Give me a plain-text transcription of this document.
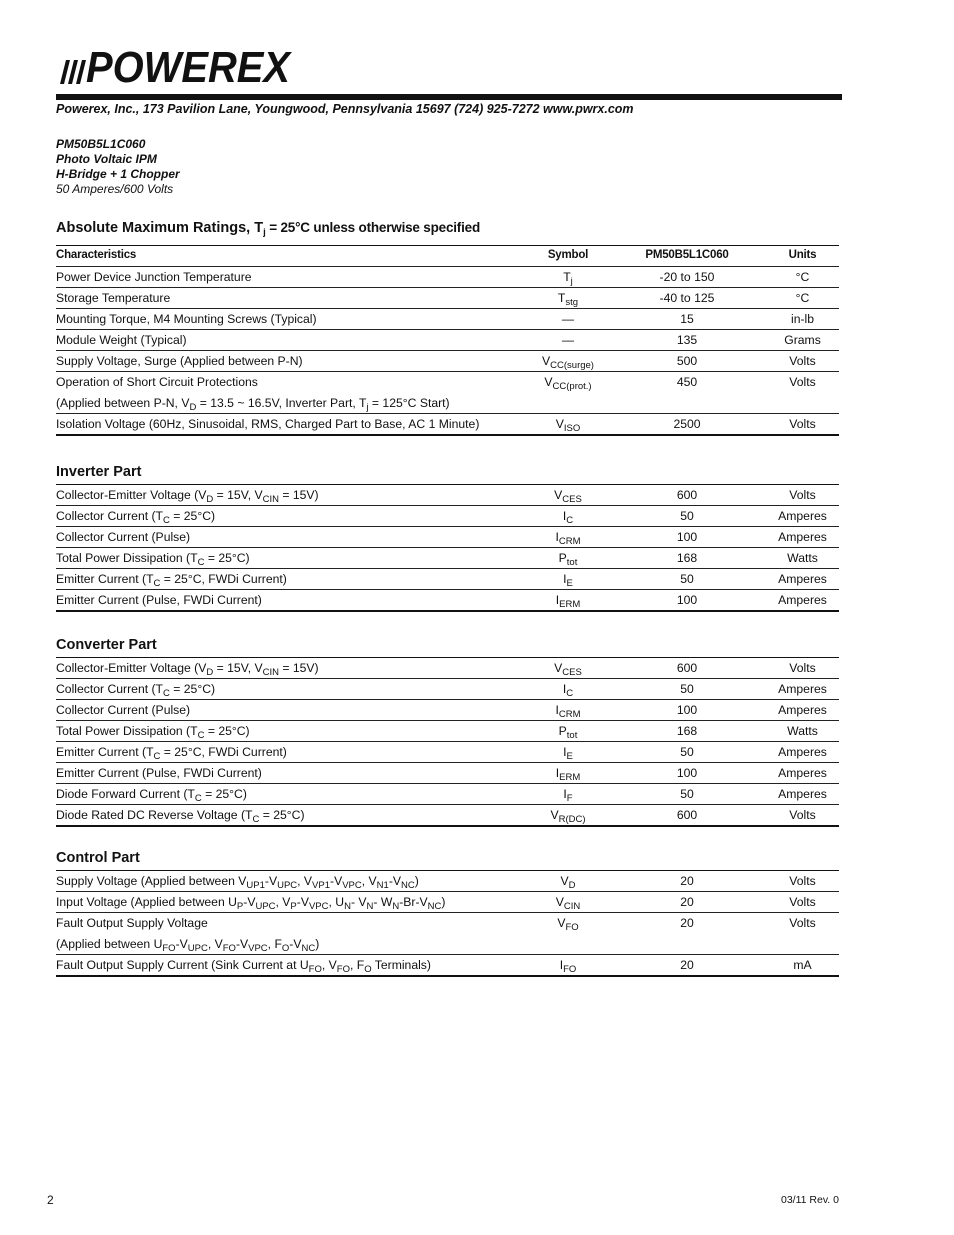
POWEREX
Powerex, Inc., 173 Pavilion Lane, Youngwood, Pennsylvania 15697 (724) 925-7272 www.pwrx.com
PM50B5L1C060
Photo Voltaic IPM
H-Bridge + 1 Chopper
50 Amperes/600 Volts
Absolute Maximum Ratings, $T_j = 25^\circ C$ unless otherwise specified
Characteristics	Symbol	PM50B5L1C060	Units
Power Device Junction Temperature	$T_j$	-20 to 150	°C
Storage Temperature	$T_{stg}$	-40 to 125	°C
Mounting Torque, M4 Mounting Screws (Typical)	—	15	in-lb
Module Weight (Typical)	—	135	Grams
Supply Voltage, Surge (Applied between P-N)	$V_{CC(surge)}$	500	Volts
Operation of Short Circuit Protections	$V_{CC(prot.)}$	450	Volts
(Applied between P-N, $V_D = 13.5$ ~ 16.5V, Inverter Part, $T_j = 125^\circ C$ Start)			
Isolation Voltage (60Hz, Sinusoidal, RMS, Charged Part to Base, AC 1 Minute)	$V_{ISO}$	2500	Volts
Inverter Part
Collector-Emitter Voltage ($V_D = 15V$, $V_{CIN} = 15V$)	$V_{CES}$	600	Volts
Collector Current $(T_C = 25^\circ C)$	$I_C$	50	Amperes
Collector Current (Pulse)	$I_{CRM}$	100	Amperes
Total Power Dissipation $(T_C = 25^\circ C)$	$P_{tot}$	168	Watts
Emitter Current ($T_C = 25^\circ C$, FWDi Current)	$I_E$	50	Amperes
Emitter Current (Pulse, FWDi Current)	$I_{ERM}$	100	Amperes
Converter Part
Collector-Emitter Voltage ($V_D = 15V$, $V_{CIN} = 15V$)	$V_{CES}$	600	Volts
Collector Current $(T_C = 25^\circ C)$	$I_C$	50	Amperes
Collector Current (Pulse)	$I_{CRM}$	100	Amperes
Total Power Dissipation $(T_C = 25^\circ C)$	$P_{tot}$	168	Watts
Emitter Current ($T_C = 25^\circ C$, FWDi Current)	$I_E$	50	Amperes
Emitter Current (Pulse, FWDi Current)	$I_{ERM}$	100	Amperes
Diode Forward Current $(T_C = 25^\circ C)$	$I_F$	50	Amperes
Diode Rated DC Reverse Voltage $(T_C = 25^\circ C)$	$V_{R(DC)}$	600	Volts
Control Part
Supply Voltage (Applied between $V_{UP1}-V_{UPC}$, $V_{VP1}-V_{VPC}$, $V_{N1}-V_{NC}$)	$V_D$	20	Volts
Input Voltage (Applied between $U_P-V_{UPC}$, $V_P-V_{VPC}$, $U_N-$ $V_N-$ $W_N-Br-V_{NC}$)	$V_{CIN}$	20	Volts
Fault Output Supply Voltage	$V_{FO}$	20	Volts
(Applied between $U_{FO}-V_{UPC}$, $V_{FO}-V_{VPC}$, $F_O-V_{NC}$)			
Fault Output Supply Current (Sink Current at $U_{FO}$, $V_{FO}$, $F_O$ Terminals)	$I_{FO}$	20	mA
2	03/11 Rev. 0
